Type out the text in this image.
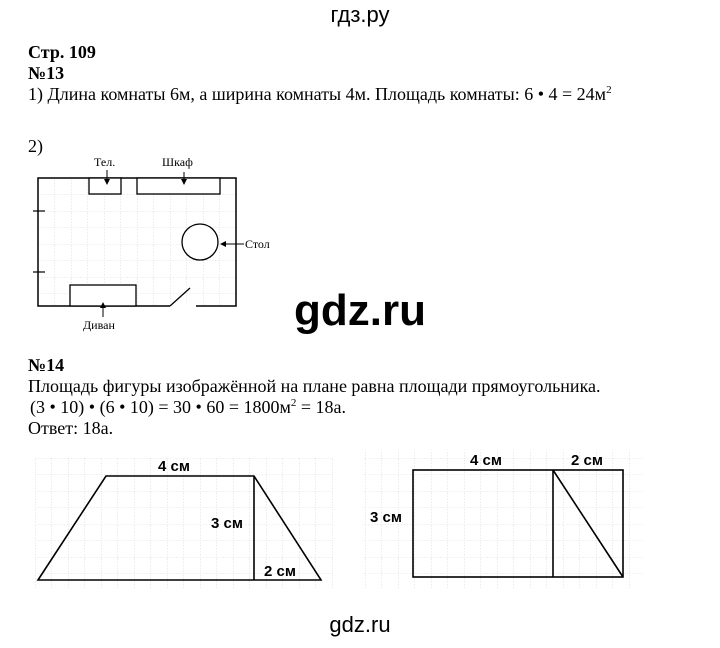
гдз.ру
Стр. 109
№13
1) Длина комнаты 6м, а ширина комнаты 4м. Площадь комнаты: 6 • $4 = 24м^2$
2)
Тел.	Шкаф
Стол
Диван
4 см
3 см
2 см
4 см	2 см
3 см
gdz.ru
№14
Площадь фигуры изображённой на плане равна площади прямоугольника.
(3 • 10) • (6 • 10) = 30 • $60 = 1800м^2 = 18а$.
Ответ: 18а.
gdz.ru
